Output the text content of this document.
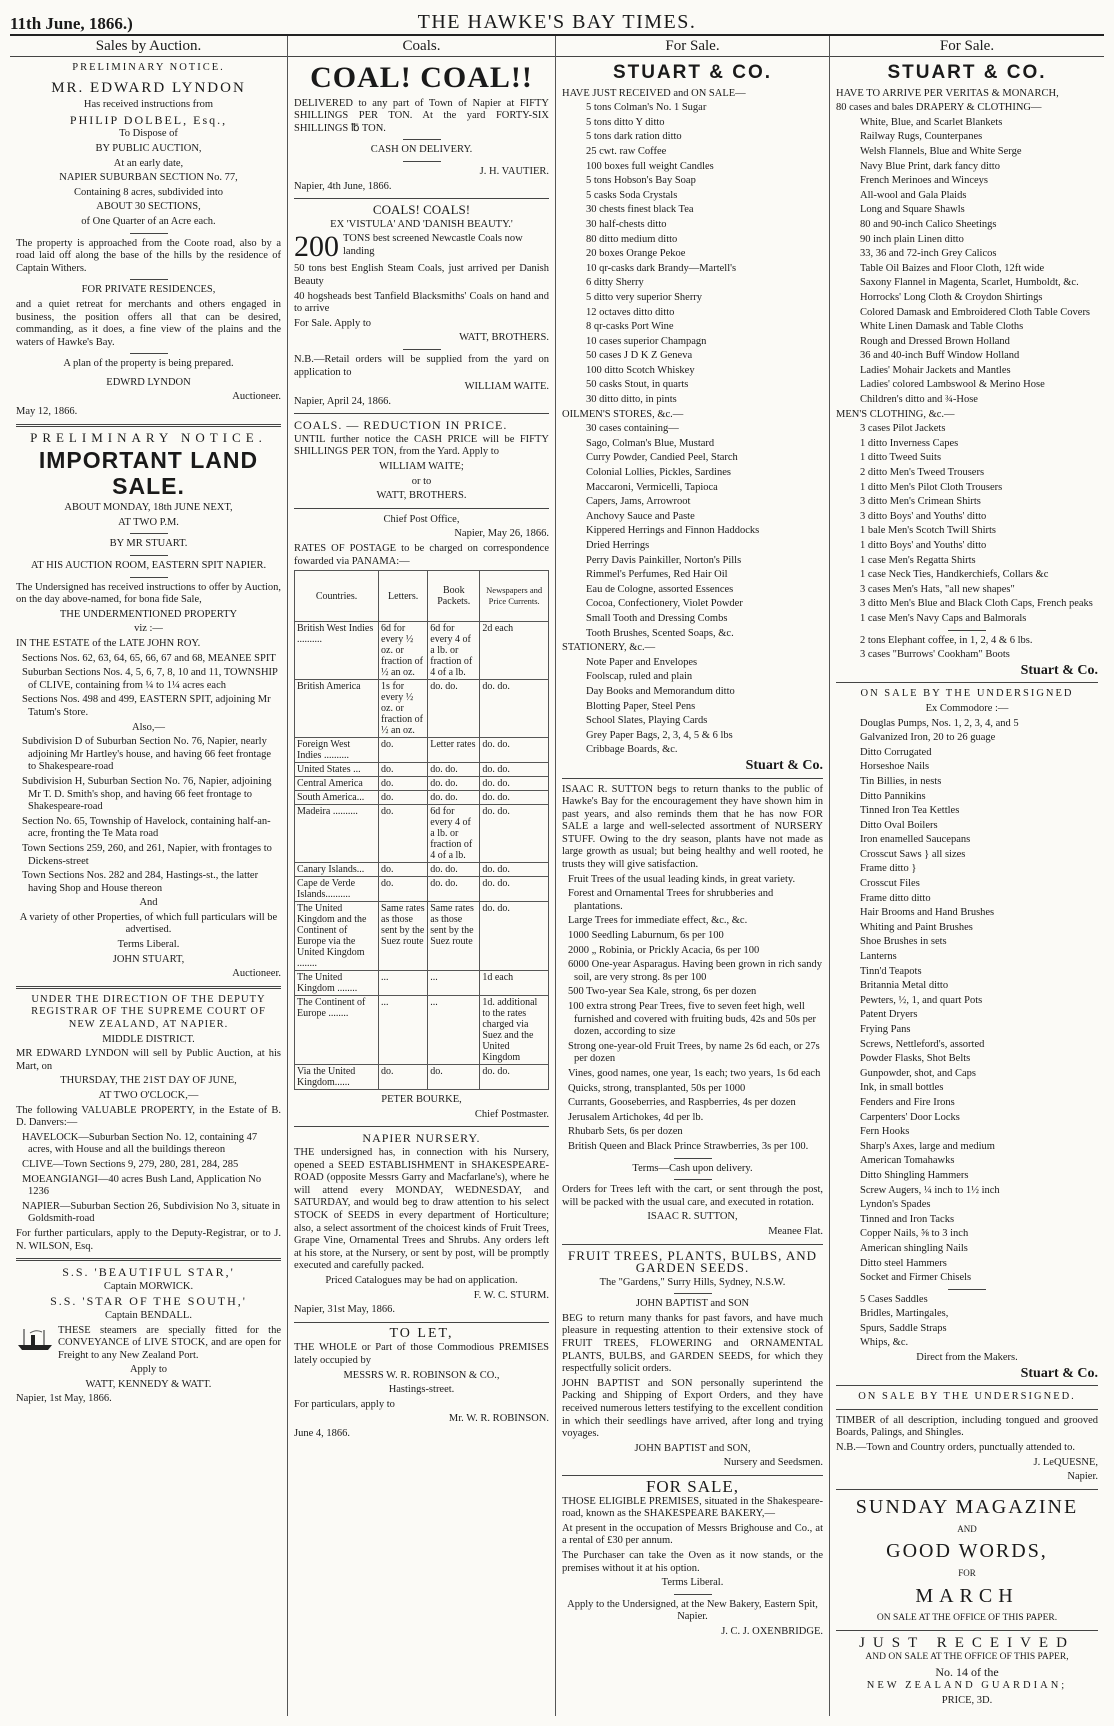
11th June, 1866.)	THE HAWKE'S BAY TIMES.
Sales by Auction.

PRELIMINARY NOTICE.

MR. EDWARD LYNDON

Has received instructions from

PHILIP DOLBEL, Esq.,

To Dispose of

BY PUBLIC AUCTION,

At an early date,

NAPIER SUBURBAN SECTION No. 77,

Containing 8 acres, subdivided into

ABOUT 30 SECTIONS,

of One Quarter of an Acre each.

The property is approached from the Coote road, also by a road laid off along the base of the hills by the residence of Captain Withers.

FOR PRIVATE RESIDENCES,

and a quiet retreat for merchants and others engaged in business, the position offers all that can be desired, commanding, as it does, a fine view of the plains and the waters of Hawke's Bay.

A plan of the property is being prepared.

EDWRD LYNDON

Auctioneer.

May 12, 1866.

PRELIMINARY NOTICE.

IMPORTANT LAND SALE.

ABOUT MONDAY, 18th JUNE NEXT,

AT TWO P.M.

BY MR STUART.

AT HIS AUCTION ROOM, EASTERN SPIT NAPIER.

The Undersigned has received instructions to offer by Auction, on the day above-named, for bona fide Sale,

THE UNDERMENTIONED PROPERTY

viz :—

IN THE ESTATE of the LATE JOHN ROY.

Sections Nos. 62, 63, 64, 65, 66, 67 and 68, MEANEE SPIT

Suburban Sections Nos. 4, 5, 6, 7, 8, 10 and 11, TOWNSHIP of CLIVE, containing from ¼ to 1¼ acres each

Sections Nos. 498 and 499, EASTERN SPIT, adjoining Mr Tatum's Store.

Also,—

Subdivision D of Suburban Section No. 76, Napier, nearly adjoining Mr Hartley's house, and having 66 feet frontage to Shakespeare-road

Subdivision H, Suburban Section No. 76, Napier, adjoining Mr T. D. Smith's shop, and having 66 feet frontage to Shakespeare-road

Section No. 65, Township of Havelock, containing half-an-acre, fronting the Te Mata road

Town Sections 259, 260, and 261, Napier, with frontages to Dickens-street

Town Sections Nos. 282 and 284, Hastings-st., the latter having Shop and House thereon

And

A variety of other Properties, of which full particulars will be advertised.

Terms Liberal.

JOHN STUART,

Auctioneer.

UNDER THE DIRECTION OF THE DEPUTY REGISTRAR OF THE SUPREME COURT OF NEW ZEALAND, AT NAPIER.

MIDDLE DISTRICT.

MR EDWARD LYNDON will sell by Public Auction, at his Mart, on

THURSDAY, THE 21ST DAY OF JUNE,

AT TWO O'CLOCK,—

The following VALUABLE PROPERTY, in the Estate of B. D. Danvers:—

HAVELOCK—Suburban Section No. 12, containing 47 acres, with House and all the buildings thereon

CLIVE—Town Sections 9, 279, 280, 281, 284, 285

MOEANGIANGI—40 acres Bush Land, Application No 1236

NAPIER—Suburban Section 26, Subdivision No 3, situate in Goldsmith-road

For further particulars, apply to the Deputy-Registrar, or to J. N. WILSON, Esq.

S.S. 'BEAUTIFUL STAR,'

Captain MORWICK.

S.S. 'STAR OF THE SOUTH,'

Captain BENDALL.

THESE steamers are specially fitted for the CONVEYANCE of LIVE STOCK, and are open for Freight to any New Zealand Port.

Apply to

WATT, KENNEDY & WATT.

Napier, 1st May, 1866.

Coals.
COAL! COAL!!

DELIVERED to any part of Town of Napier at FIFTY SHILLINGS PER TON. At the yard FORTY-SIX SHILLINGS ℔ TON.

CASH ON DELIVERY.

J. H. VAUTIER.

Napier, 4th June, 1866.

COALS! COALS!

EX 'VISTULA' AND 'DANISH BEAUTY.'

200 TONS best screened Newcastle Coals now landing

50 tons best English Steam Coals, just arrived per Danish Beauty

40 hogsheads best Tanfield Blacksmiths' Coals on hand and to arrive

For Sale. Apply to

WATT, BROTHERS.

N.B.—Retail orders will be supplied from the yard on application to

WILLIAM WAITE.

Napier, April 24, 1866.

COALS. — REDUCTION IN PRICE.

UNTIL further notice the CASH PRICE will be FIFTY SHILLINGS PER TON, from the Yard. Apply to

WILLIAM WAITE;

or to

WATT, BROTHERS.

Chief Post Office,

Napier, May 26, 1866.

RATES OF POSTAGE to be charged on correspondence fowarded via PANAMA:—

Countries.	Letters.	Book Packets.	Newspapers and Price Currents.
British West Indies ..........	6d for every ½ oz. or fraction of ½ an oz.	6d for every 4 of a lb. or fraction of 4 of a lb.	2d each
British America	1s for every ½ oz. or fraction of ½ an oz.	do. do.	do. do.
Foreign West Indies ..........	do.	Letter rates	do. do.
United States ...	do.	do. do.	do. do.
Central America	do.	do. do.	do. do.
South America...	do.	do. do.	do. do.
Madeira ..........	do.	6d for every 4 of a lb. or fraction of 4 of a lb.	do. do.
Canary Islands...	do.	do. do.	do. do.
Cape de Verde Islands..........	do.	do. do.	do. do.
The United Kingdom and the Continent of Europe via the United Kingdom ........	Same rates as those sent by the Suez route	Same rates as those sent by the Suez route	do. do.
The United Kingdom ........	...	...	1d each
The Continent of Europe ........	...	...	1d. additional to the rates charged via Suez and the United Kingdom
Via the United Kingdom......	do.	do.	do. do.

PETER BOURKE,

Chief Postmaster.

NAPIER NURSERY.

THE undersigned has, in connection with his Nursery, opened a SEED ESTABLISHMENT in SHAKESPEARE-ROAD (opposite Messrs Garry and Macfarlane's), where he will attend every MONDAY, WEDNESDAY, and SATURDAY, and would beg to draw attention to his select STOCK of SEEDS in every department of Horticulture; also, a select assortment of the choicest kinds of Fruit Trees, Grape Vine, Ornamental Trees and Shrubs. Any orders left at his store, at the Nursery, or sent by post, will be promptly executed and carefully packed.

Priced Catalogues may be had on application.

F. W. C. STURM.

Napier, 31st May, 1866.

TO LET,

THE WHOLE or Part of those Commodious PREMISES lately occupied by

MESSRS W. R. ROBINSON & CO.,

Hastings-street.

For particulars, apply to

Mr. W. R. ROBINSON.

June 4, 1866.

For Sale.
STUART & CO.

HAVE JUST RECEIVED and ON SALE—

5 tons Colman's No. 1 Sugar

5 tons ditto Y ditto

5 tons dark ration ditto

25 cwt. raw Coffee

100 boxes full weight Candles

5 tons Hobson's Bay Soap

5 casks Soda Crystals

30 chests finest black Tea

30 half-chests ditto

80 ditto medium ditto

20 boxes Orange Pekoe

10 qr-casks dark Brandy—Martell's

6 ditty Sherry

5 ditto very superior Sherry

12 octaves ditto ditto

8 qr-casks Port Wine

10 cases superior Champagn

50 cases J D K Z Geneva

100 ditto Scotch Whiskey

50 casks Stout, in quarts

30 ditto ditto, in pints

OILMEN'S STORES, &c.—

30 cases containing—

Sago, Colman's Blue, Mustard

Curry Powder, Candied Peel, Starch

Colonial Lollies, Pickles, Sardines

Maccaroni, Vermicelli, Tapioca

Capers, Jams, Arrowroot

Anchovy Sauce and Paste

Kippered Herrings and Finnon Haddocks

Dried Herrings

Perry Davis Painkiller, Norton's Pills

Rimmel's Perfumes, Red Hair Oil

Eau de Cologne, assorted Essences

Cocoa, Confectionery, Violet Powder

Small Tooth and Dressing Combs

Tooth Brushes, Scented Soaps, &c.

STATIONERY, &c.—

Note Paper and Envelopes

Foolscap, ruled and plain

Day Books and Memorandum ditto

Blotting Paper, Steel Pens

School Slates, Playing Cards

Grey Paper Bags, 2, 3, 4, 5 & 6 lbs

Cribbage Boards, &c.

Stuart & Co.

ISAAC R. SUTTON begs to return thanks to the public of Hawke's Bay for the encouragement they have shown him in past years, and also reminds them that he has now FOR SALE a large and well-selected assortment of NURSERY STUFF. Owing to the dry season, plants have not made as large growth as usual; but being healthy and well rooted, he trusts they will give satisfaction.

Fruit Trees of the usual leading kinds, in great variety.

Forest and Ornamental Trees for shrubberies and plantations.

Large Trees for immediate effect, &c., &c.

1000 Seedling Laburnum, 6s per 100

2000 „ Robinia, or Prickly Acacia, 6s per 100

6000 One-year Asparagus. Having been grown in rich sandy soil, are very strong. 8s per 100

500 Two-year Sea Kale, strong, 6s per dozen

100 extra strong Pear Trees, five to seven feet high, well furnished and covered with fruiting buds, 42s and 50s per dozen, according to size

Strong one-year-old Fruit Trees, by name 2s 6d each, or 27s per dozen

Vines, good names, one year, 1s each; two years, 1s 6d each

Quicks, strong, transplanted, 50s per 1000

Currants, Gooseberries, and Raspberries, 4s per dozen

Jerusalem Artichokes, 4d per lb.

Rhubarb Sets, 6s per dozen

British Queen and Black Prince Strawberries, 3s per 100.

Terms—Cash upon delivery.

Orders for Trees left with the cart, or sent through the post, will be packed with the usual care, and executed in rotation.

ISAAC R. SUTTON,

Meanee Flat.

FRUIT TREES, PLANTS, BULBS, AND GARDEN SEEDS.

The "Gardens," Surry Hills, Sydney, N.S.W.

JOHN BAPTIST and SON

BEG to return many thanks for past favors, and have much pleasure in requesting attention to their extensive stock of FRUIT TREES, FLOWERING and ORNAMENTAL PLANTS, BULBS, and GARDEN SEEDS, for which they respectfully solicit orders.

JOHN BAPTIST and SON personally superintend the Packing and Shipping of Export Orders, and they have received numerous letters testifying to the excellent condition in which their seedlings have arrived, after long and trying voyages.

JOHN BAPTIST and SON,

Nursery and Seedsmen.

FOR SALE,

THOSE ELIGIBLE PREMISES, situated in the Shakespeare-road, known as the SHAKESPEARE BAKERY,—

At present in the occupation of Messrs Brighouse and Co., at a rental of £30 per annum.

The Purchaser can take the Oven as it now stands, or the premises without it at his option.

Terms Liberal.

Apply to the Undersigned, at the New Bakery, Eastern Spit, Napier.

J. C. J. OXENBRIDGE.

For Sale.
STUART & CO.

HAVE TO ARRIVE PER VERITAS & MONARCH,

80 cases and bales DRAPERY & CLOTHING—

White, Blue, and Scarlet Blankets

Railway Rugs, Counterpanes

Welsh Flannels, Blue and White Serge

Navy Blue Print, dark fancy ditto

French Merinoes and Winceys

All-wool and Gala Plaids

Long and Square Shawls

80 and 90-inch Calico Sheetings

90 inch plain Linen ditto

33, 36 and 72-inch Grey Calicos

Table Oil Baizes and Floor Cloth, 12ft wide

Saxony Flannel in Magenta, Scarlet, Humboldt, &c.

Horrocks' Long Cloth & Croydon Shirtings

Colored Damask and Embroidered Cloth Table Covers

White Linen Damask and Table Cloths

Rough and Dressed Brown Holland

36 and 40-inch Buff Window Holland

Ladies' Mohair Jackets and Mantles

Ladies' colored Lambswool & Merino Hose

Children's ditto and ¾-Hose

MEN'S CLOTHING, &c.—

3 cases Pilot Jackets

1 ditto Inverness Capes

1 ditto Tweed Suits

2 ditto Men's Tweed Trousers

1 ditto Men's Pilot Cloth Trousers

3 ditto Men's Crimean Shirts

3 ditto Boys' and Youths' ditto

1 bale Men's Scotch Twill Shirts

1 ditto Boys' and Youths' ditto

1 case Men's Regatta Shirts

1 case Neck Ties, Handkerchiefs, Collars &c

3 cases Men's Hats, "all new shapes"

3 ditto Men's Blue and Black Cloth Caps, French peaks

1 case Men's Navy Caps and Balmorals

2 tons Elephant coffee, in 1, 2, 4 & 6 lbs.

3 cases "Burrows' Cookham" Boots

Stuart & Co.

ON SALE BY THE UNDERSIGNED

Ex Commodore :—

Douglas Pumps, Nos. 1, 2, 3, 4, and 5

Galvanized Iron, 20 to 26 guage

Ditto Corrugated

Horseshoe Nails

Tin Billies, in nests

Ditto Pannikins

Tinned Iron Tea Kettles

Ditto Oval Boilers

Iron enamelled Saucepans

Crosscut Saws } all sizes

Frame ditto }

Crosscut Files

Frame ditto ditto

Hair Brooms and Hand Brushes

Whiting and Paint Brushes

Shoe Brushes in sets

Lanterns

Tinn'd Teapots

Britannia Metal ditto

Pewters, ½, 1, and quart Pots

Patent Dryers

Frying Pans

Screws, Nettleford's, assorted

Powder Flasks, Shot Belts

Gunpowder, shot, and Caps

Ink, in small bottles

Fenders and Fire Irons

Carpenters' Door Locks

Fern Hooks

Sharp's Axes, large and medium

American Tomahawks

Ditto Shingling Hammers

Screw Augers, ¼ inch to 1½ inch

Lyndon's Spades

Tinned and Iron Tacks

Copper Nails, ⅝ to 3 inch

American shingling Nails

Ditto steel Hammers

Socket and Firmer Chisels

5 Cases Saddles

Bridles, Martingales,

Spurs, Saddle Straps

Whips, &c.

Direct from the Makers.

Stuart & Co.

ON SALE BY THE UNDERSIGNED.

TIMBER of all description, including tongued and grooved Boards, Palings, and Shingles.

N.B.—Town and Country orders, punctually attended to.

J. LeQUESNE,

Napier.

SUNDAY MAGAZINE

AND

GOOD WORDS,

FOR

MARCH

ON SALE AT THE OFFICE OF THIS PAPER.

JUST RECEIVED

AND ON SALE AT THE OFFICE OF THIS PAPER,

No. 14 of the

NEW ZEALAND GUARDIAN;

PRICE, 3D.
